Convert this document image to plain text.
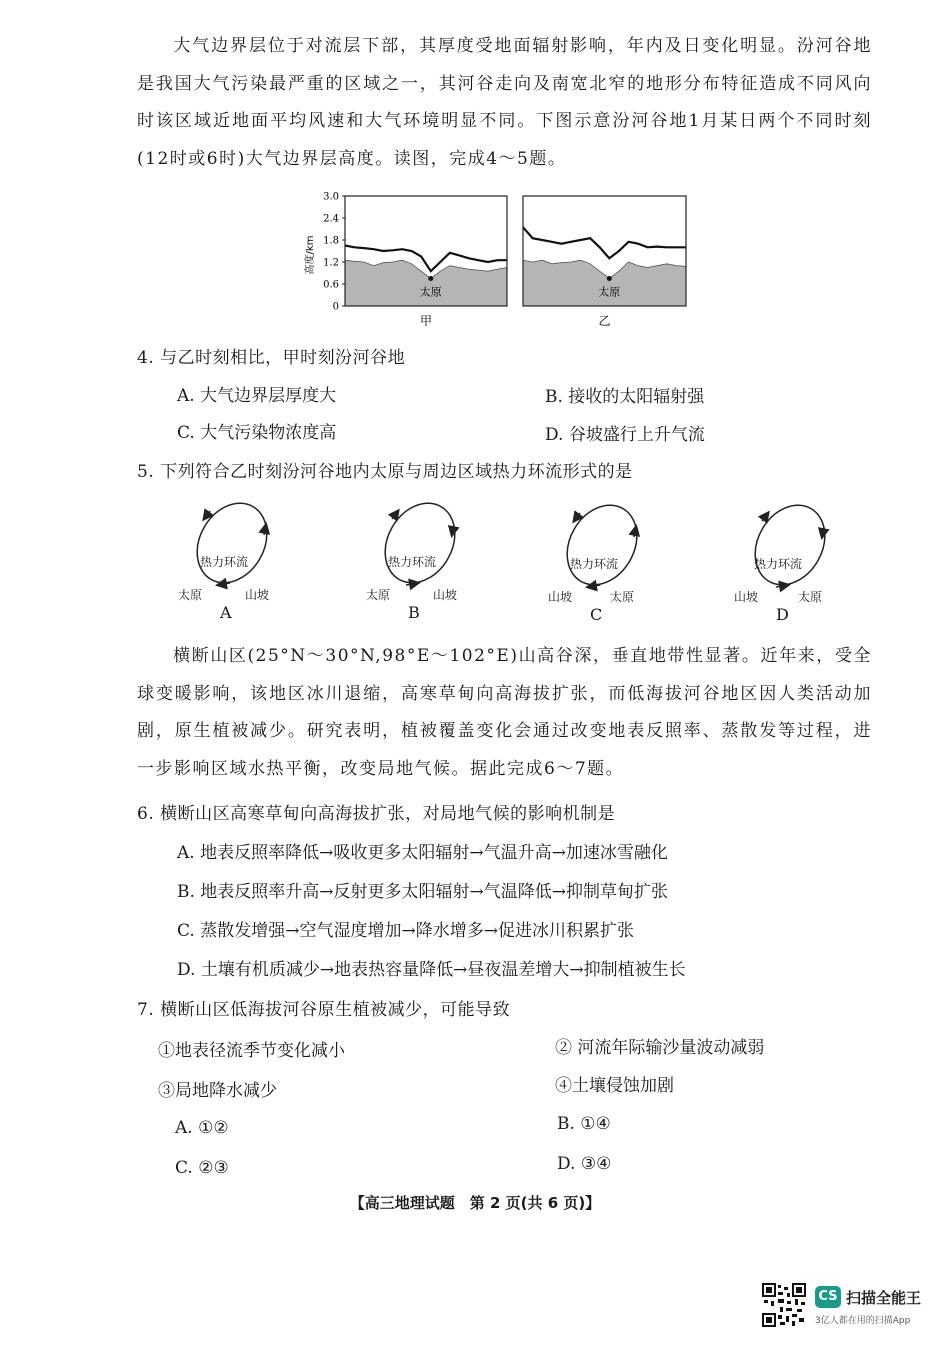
大气边界层位于对流层下部，其厚度受地面辐射影响，年内及日变化明显。汾河谷地是我国大气污染最严重的区域之一，其河谷走向及南宽北窄的地形分布特征造成不同风向时该区域近地面平均风速和大气环境明显不同。下图示意汾河谷地1月某日两个不同时刻(12时或6时)大气边界层高度。读图，完成4～5题。

高度/km
3.0
2.4
1.8
1.2
0.6
0
太原
甲
太原
乙
4. 与乙时刻相比，甲时刻汾河谷地
A. 大气边界层厚度大	B. 接收的太阳辐射强
C. 大气污染物浓度高	D. 谷坡盛行上升气流
5. 下列符合乙时刻汾河谷地内太原与周边区域热力环流形式的是
热力环流
太原	山坡
A
热力环流
太原	山坡
B
热力环流
山坡	太原
C
热力环流
山坡	太原
D

横断山区(25°N～30°N,98°E～102°E)山高谷深，垂直地带性显著。近年来，受全球变暖影响，该地区冰川退缩，高寒草甸向高海拔扩张，而低海拔河谷地区因人类活动加剧，原生植被减少。研究表明，植被覆盖变化会通过改变地表反照率、蒸散发等过程，进一步影响区域水热平衡，改变局地气候。据此完成6～7题。

6. 横断山区高寒草甸向高海拔扩张，对局地气候的影响机制是
A. 地表反照率降低→吸收更多太阳辐射→气温升高→加速冰雪融化
B. 地表反照率升高→反射更多太阳辐射→气温降低→抑制草甸扩张
C. 蒸散发增强→空气湿度增加→降水增多→促进冰川积累扩张
D. 土壤有机质减少→地表热容量降低→昼夜温差增大→抑制植被生长
7. 横断山区低海拔河谷原生植被减少，可能导致
①地表径流季节变化减小	② 河流年际输沙量波动减弱
③局地降水减少	④土壤侵蚀加剧
A. ①②	B. ①④
C. ②③	D. ③④
【高三地理试题　第 2 页(共 6 页)】
CS 扫描全能王
3亿人都在用的扫描App
